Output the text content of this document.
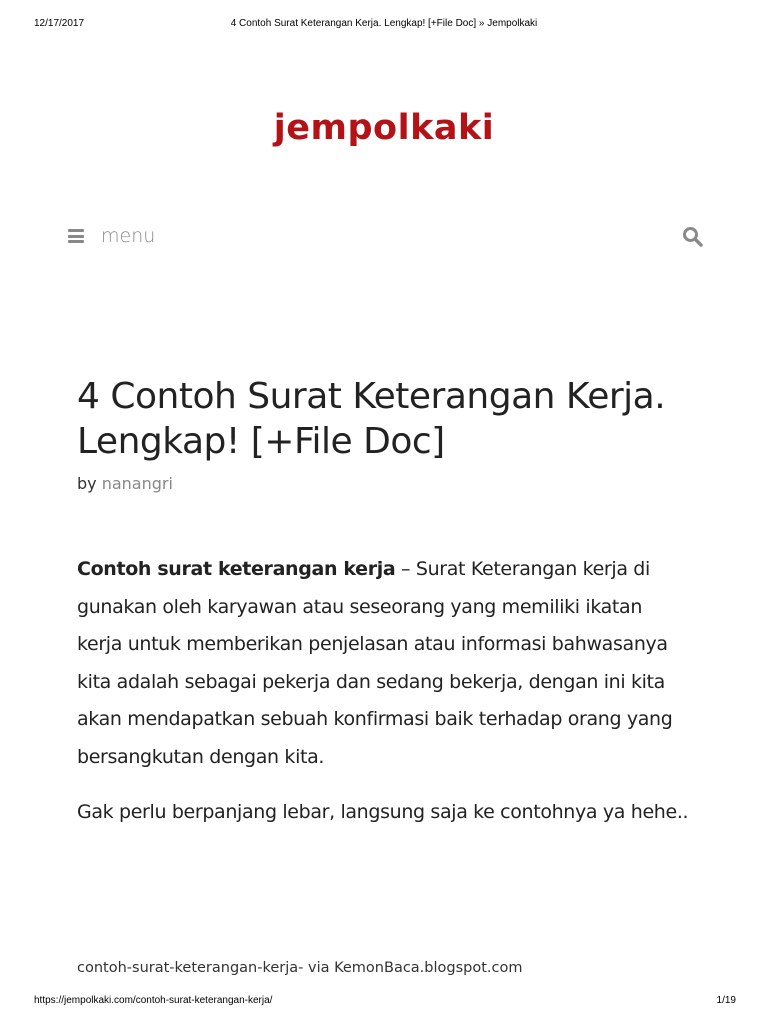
12/17/2017	4 Contoh Surat Keterangan Kerja. Lengkap! [+File Doc] » Jempolkaki
jempolkaki
menu
4 Contoh Surat Keterangan Kerja. Lengkap! [+File Doc]
by nanangri

Contoh surat keterangan kerja – Surat Keterangan kerja di gunakan oleh karyawan atau seseorang yang memiliki ikatan kerja untuk memberikan penjelasan atau informasi bahwasanya kita adalah sebagai pekerja dan sedang bekerja, dengan ini kita akan mendapatkan sebuah konfirmasi baik terhadap orang yang bersangkutan dengan kita.

Gak perlu berpanjang lebar, langsung saja ke contohnya ya hehe..

contoh-surat-keterangan-kerja- via KemonBaca.blogspot.com
https://jempolkaki.com/contoh-surat-keterangan-kerja/	1/19
